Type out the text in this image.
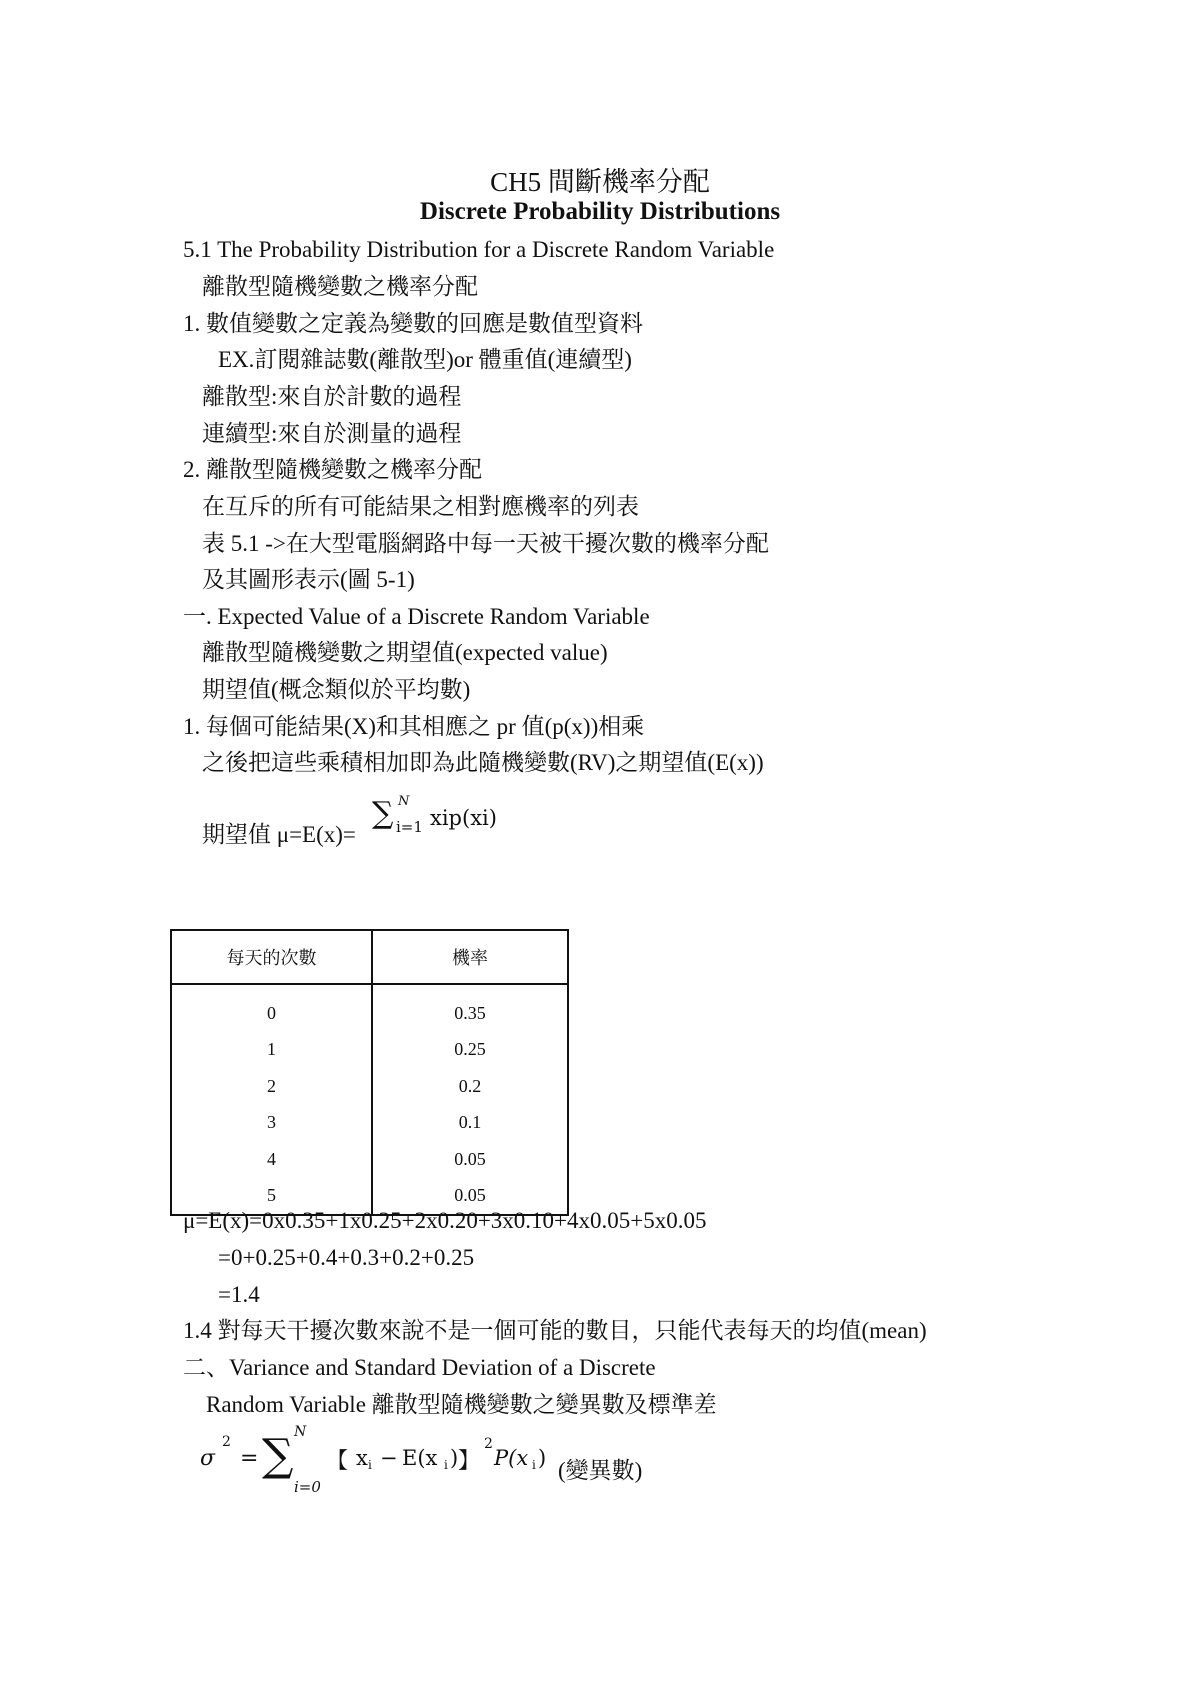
CH5 間斷機率分配
Discrete Probability Distributions
5.1 The Probability Distribution for a Discrete Random Variable
離散型隨機變數之機率分配
1. 數值變數之定義為變數的回應是數值型資料
EX.訂閱雜誌數(離散型)or 體重值(連續型)
離散型:來自於計數的過程
連續型:來自於測量的過程
2. 離散型隨機變數之機率分配
在互斥的所有可能結果之相對應機率的列表
表 5.1 ->在大型電腦網路中每一天被干擾次數的機率分配
及其圖形表示(圖 5-1)
一. Expected Value of a Discrete Random Variable
離散型隨機變數之期望值(expected value)
期望值(概念類似於平均數)
1. 每個可能結果(X)和其相應之 pr 值(p(x))相乘
之後把這些乘積相加即為此隨機變數(RV)之期望值(E(x))
期望值 μ=E(x)=
∑ N
i=1 xip(xi)
每天的次數	機率
0	0.35
1	0.25
2	0.2
3	0.1
4	0.05
5	0.05
μ=E(x)=0x0.35+1x0.25+2x0.20+3x0.10+4x0.05+5x0.05
=0+0.25+0.4+0.3+0.2+0.25
=1.4
1.4 對每天干擾次數來說不是一個可能的數目，只能代表每天的均值(mean)
二、Variance and Standard Deviation of a Discrete
Random Variable 離散型隨機變數之變異數及標準差
σ
2
= ∑ N
i=0
【 x i − E(x i ) 】
2
P(x i ) (變異數)
